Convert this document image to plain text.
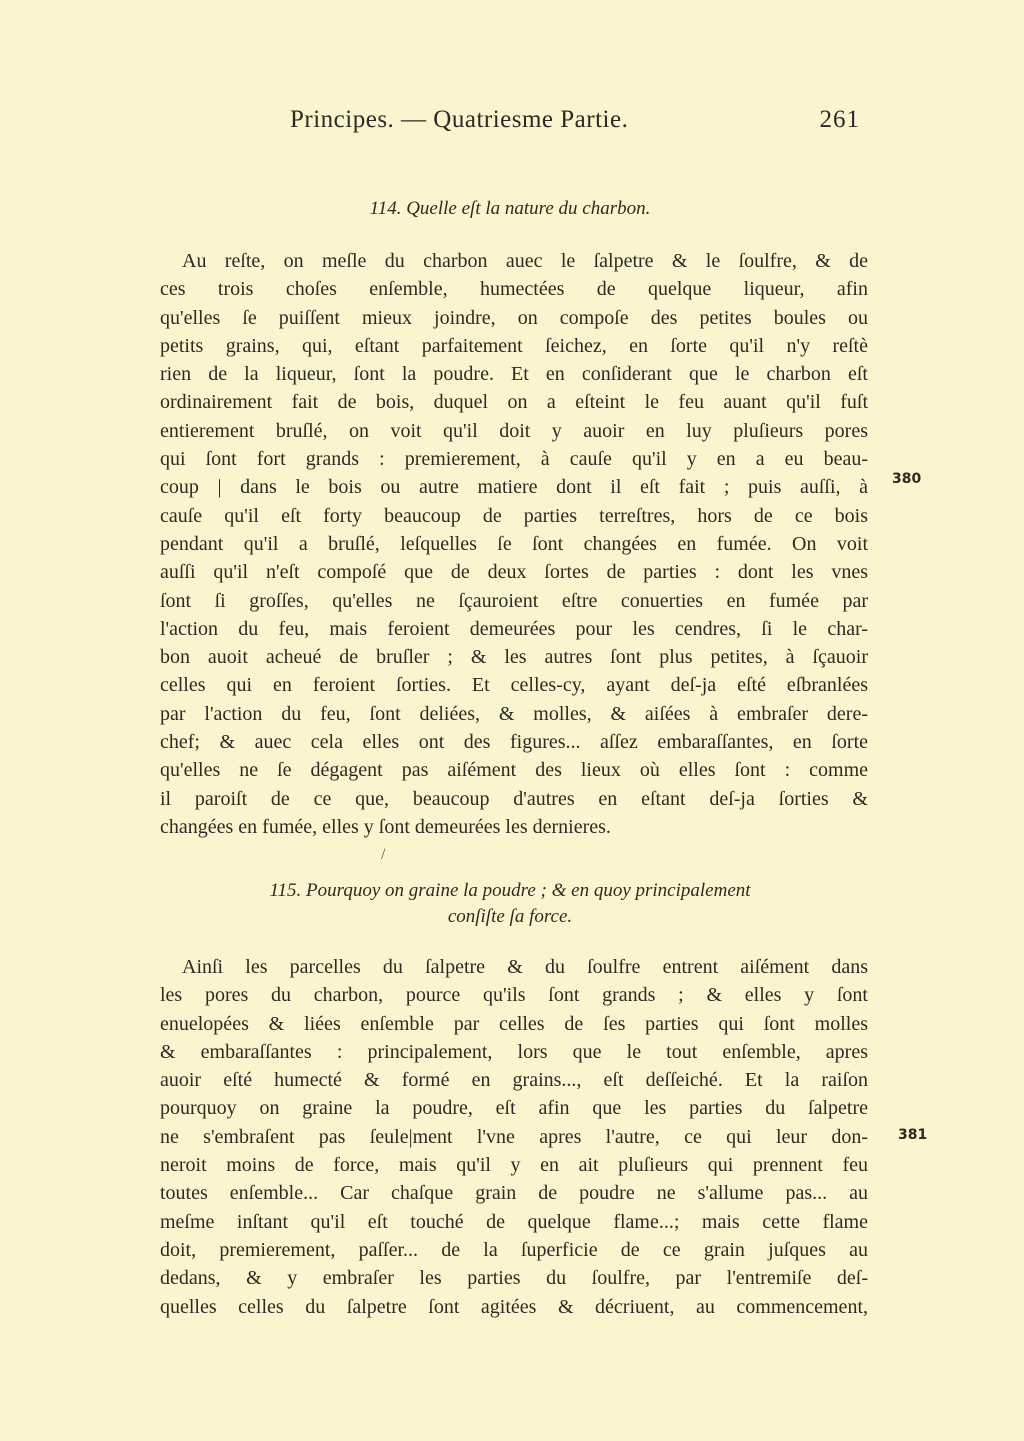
Principes. — Quatriesme Partie.	261
114. Quelle eſt la nature du charbon.
Au reſte, on meſle du charbon auec le ſalpetre & le ſoulfre, & de
ces trois choſes enſemble, humectées de quelque liqueur, afin
qu'elles ſe puiſſent mieux joindre, on compoſe des petites boules ou
petits grains, qui, eſtant parfaitement ſeichez, en ſorte qu'il n'y reſtè
rien de la liqueur, ſont la poudre. Et en conſiderant que le charbon eſt
ordinairement fait de bois, duquel on a eſteint le feu auant qu'il fuſt
entierement bruſlé, on voit qu'il doit y auoir en luy pluſieurs pores
qui ſont fort grands : premierement, à cauſe qu'il y en a eu beau-
coup | dans le bois ou autre matiere dont il eſt fait ; puis auſſi, à
cauſe qu'il eſt forty beaucoup de parties terreſtres, hors de ce bois
pendant qu'il a bruſlé, leſquelles ſe ſont changées en fumée. On voit
auſſi qu'il n'eſt compoſé que de deux ſortes de parties : dont les vnes
ſont ſi groſſes, qu'elles ne ſçauroient eſtre conuerties en fumée par
l'action du feu, mais feroient demeurées pour les cendres, ſi le char-
bon auoit acheué de bruſler ; & les autres ſont plus petites, à ſçauoir
celles qui en feroient ſorties. Et celles-cy, ayant deſ-ja eſté eſbranlées
par l'action du feu, ſont deliées, & molles, & aiſées à embraſer dere-
chef; & auec cela elles ont des figures... aſſez embaraſſantes, en ſorte
qu'elles ne ſe dégagent pas aiſément des lieux où elles ſont : comme
il paroiſt de ce que, beaucoup d'autres en eſtant deſ-ja ſorties &
changées en fumée, elles y ſont demeurées les dernieres.
380
/
115. Pourquoy on graine la poudre ; & en quoy principalement
conſiſte ſa force.
Ainſi les parcelles du ſalpetre & du ſoulfre entrent aiſément dans
les pores du charbon, pource qu'ils ſont grands ; & elles y ſont
enuelopées & liées enſemble par celles de ſes parties qui ſont molles
& embaraſſantes : principalement, lors que le tout enſemble, apres
auoir eſté humecté & formé en grains..., eſt deſſeiché. Et la raiſon
pourquoy on graine la poudre, eſt afin que les parties du ſalpetre
ne s'embraſent pas ſeule|ment l'vne apres l'autre, ce qui leur don-
neroit moins de force, mais qu'il y en ait pluſieurs qui prennent feu
toutes enſemble... Car chaſque grain de poudre ne s'allume pas... au
meſme inſtant qu'il eſt touché de quelque flame...; mais cette flame
doit, premierement, paſſer... de la ſuperficie de ce grain juſques au
dedans, & y embraſer les parties du ſoulfre, par l'entremiſe deſ-
quelles celles du ſalpetre ſont agitées & décriuent, au commencement,
381
